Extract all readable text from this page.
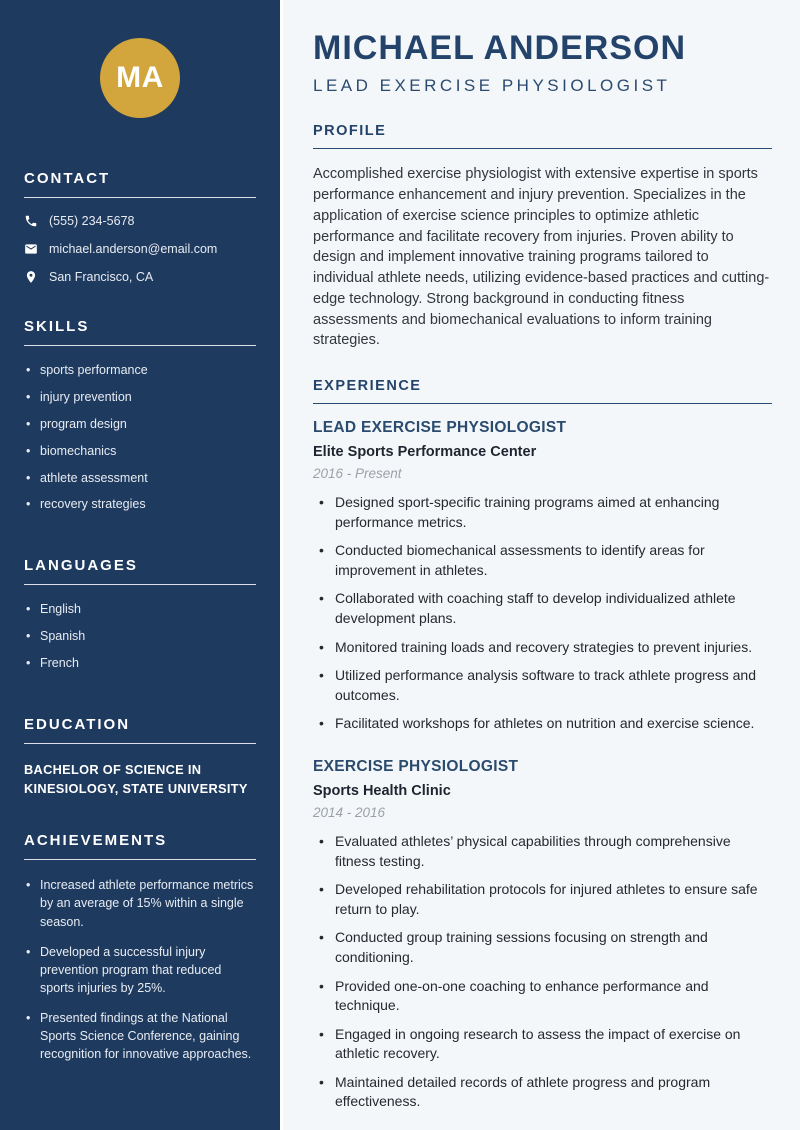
MA
CONTACT
(555) 234-5678
michael.anderson@email.com
San Francisco, CA
SKILLS
• sports performance
• injury prevention
• program design
• biomechanics
• athlete assessment
• recovery strategies
LANGUAGES
• English
• Spanish
• French
EDUCATION

BACHELOR OF SCIENCE IN KINESIOLOGY, STATE UNIVERSITY

ACHIEVEMENTS
• Increased athlete performance metrics by an average of 15% within a single season.
• Developed a successful injury prevention program that reduced sports injuries by 25%.
• Presented findings at the National Sports Science Conference, gaining recognition for innovative approaches.
MICHAEL ANDERSON
LEAD EXERCISE PHYSIOLOGIST
PROFILE

Accomplished exercise physiologist with extensive expertise in sports performance enhancement and injury prevention. Specializes in the application of exercise science principles to optimize athletic performance and facilitate recovery from injuries. Proven ability to design and implement innovative training programs tailored to individual athlete needs, utilizing evidence-based practices and cutting-edge technology. Strong background in conducting fitness assessments and biomechanical evaluations to inform training strategies.

EXPERIENCE
LEAD EXERCISE PHYSIOLOGIST
Elite Sports Performance Center
2016 - Present
• Designed sport-specific training programs aimed at enhancing performance metrics.
• Conducted biomechanical assessments to identify areas for improvement in athletes.
• Collaborated with coaching staff to develop individualized athlete development plans.
• Monitored training loads and recovery strategies to prevent injuries.
• Utilized performance analysis software to track athlete progress and outcomes.
• Facilitated workshops for athletes on nutrition and exercise science.
EXERCISE PHYSIOLOGIST
Sports Health Clinic
2014 - 2016
• Evaluated athletes’ physical capabilities through comprehensive fitness testing.
• Developed rehabilitation protocols for injured athletes to ensure safe return to play.
• Conducted group training sessions focusing on strength and conditioning.
• Provided one-on-one coaching to enhance performance and technique.
• Engaged in ongoing research to assess the impact of exercise on athletic recovery.
• Maintained detailed records of athlete progress and program effectiveness.
